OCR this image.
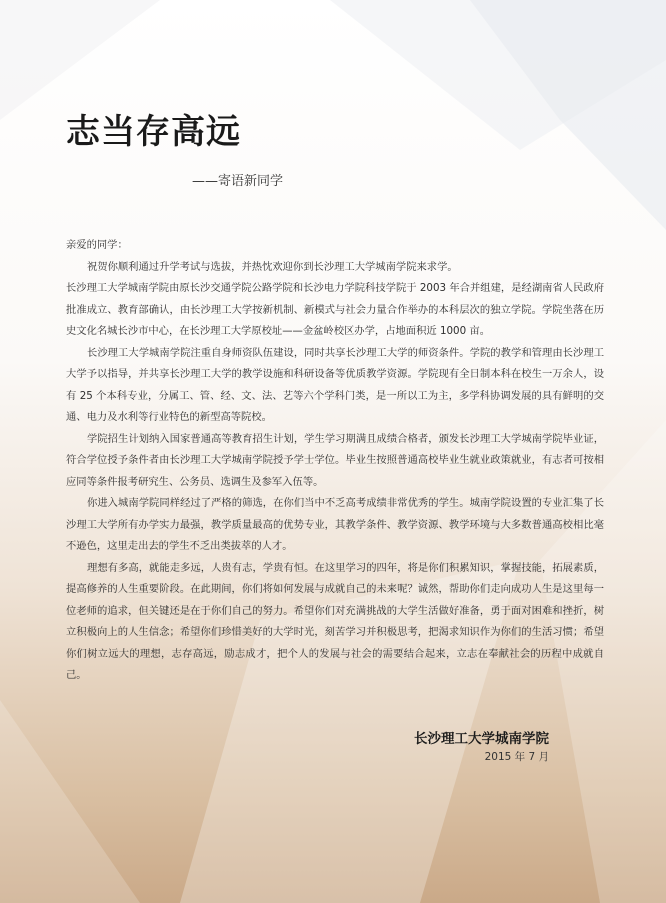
志当存高远
——寄语新同学

亲爱的同学：

祝贺你顺利通过升学考试与选拔，并热忱欢迎你到长沙理工大学城南学院来求学。

长沙理工大学城南学院由原长沙交通学院公路学院和长沙电力学院科技学院于 2003 年合并组建，是经湖南省人民政府批准成立、教育部确认，由长沙理工大学按新机制、新模式与社会力量合作举办的本科层次的独立学院。学院坐落在历史文化名城长沙市中心，在长沙理工大学原校址——金盆岭校区办学，占地面积近 1000 亩。

长沙理工大学城南学院注重自身师资队伍建设，同时共享长沙理工大学的师资条件。学院的教学和管理由长沙理工大学予以指导，并共享长沙理工大学的教学设施和科研设备等优质教学资源。学院现有全日制本科在校生一万余人，设有 25 个本科专业，分属工、管、经、文、法、艺等六个学科门类，是一所以工为主，多学科协调发展的具有鲜明的交通、电力及水利等行业特色的新型高等院校。

学院招生计划纳入国家普通高等教育招生计划，学生学习期满且成绩合格者，颁发长沙理工大学城南学院毕业证，符合学位授予条件者由长沙理工大学城南学院授予学士学位。毕业生按照普通高校毕业生就业政策就业，有志者可按相应同等条件报考研究生、公务员、选调生及参军入伍等。

你进入城南学院同样经过了严格的筛选，在你们当中不乏高考成绩非常优秀的学生。城南学院设置的专业汇集了长沙理工大学所有办学实力最强，教学质量最高的优势专业，其教学条件、教学资源、教学环境与大多数普通高校相比毫不逊色，这里走出去的学生不乏出类拔萃的人才。

理想有多高，就能走多远，人贵有志，学贵有恒。在这里学习的四年，将是你们积累知识，掌握技能，拓展素质，提高修养的人生重要阶段。在此期间，你们将如何发展与成就自己的未来呢？诚然，帮助你们走向成功人生是这里每一位老师的追求，但关键还是在于你们自己的努力。希望你们对充满挑战的大学生活做好准备，勇于面对困难和挫折，树立积极向上的人生信念；希望你们珍惜美好的大学时光，刻苦学习并积极思考，把渴求知识作为你们的生活习惯；希望你们树立远大的理想，志存高远，励志成才，把个人的发展与社会的需要结合起来，立志在奉献社会的历程中成就自己。

长沙理工大学城南学院
2015 年 7 月
